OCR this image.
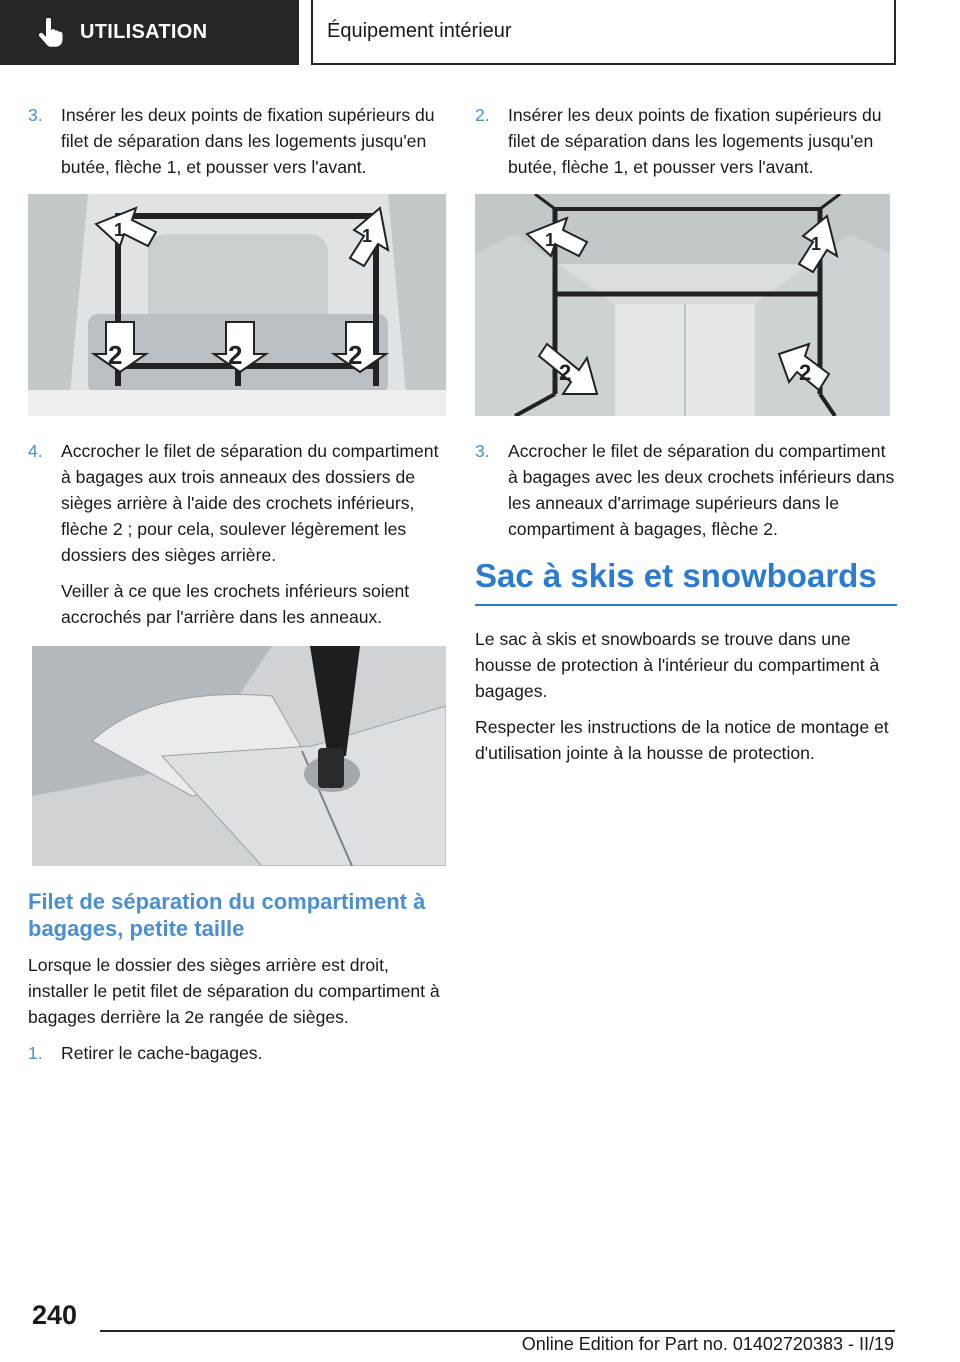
UTILISATION	Équipement intérieur
3.	Insérer les deux points de fixation supérieurs du filet de séparation dans les logements jusqu'en butée, flèche 1, et pousser vers l'avant.
1	1
2	2	2
4.	Accrocher le filet de séparation du compartiment à bagages aux trois anneaux des dossiers de sièges arrière à l'aide des crochets inférieurs, flèche 2 ; pour cela, soulever légèrement les dossiers des sièges arrière.
Veiller à ce que les crochets inférieurs soient accrochés par l'arrière dans les anneaux.
Filet de séparation du compartiment à bagages, petite taille
Lorsque le dossier des sièges arrière est droit, installer le petit filet de séparation du compartiment à bagages derrière la 2e rangée de sièges.
1.	Retirer le cache-bagages.
2.	Insérer les deux points de fixation supérieurs du filet de séparation dans les logements jusqu'en butée, flèche 1, et pousser vers l'avant.
1	1
2	2
3.	Accrocher le filet de séparation du compartiment à bagages avec les deux crochets inférieurs dans les anneaux d'arrimage supérieurs dans le compartiment à bagages, flèche 2.
Sac à skis et snowboards
Le sac à skis et snowboards se trouve dans une housse de protection à l'intérieur du compartiment à bagages.
Respecter les instructions de la notice de montage et d'utilisation jointe à la housse de protection.
240
Online Edition for Part no. 01402720383 - II/19
